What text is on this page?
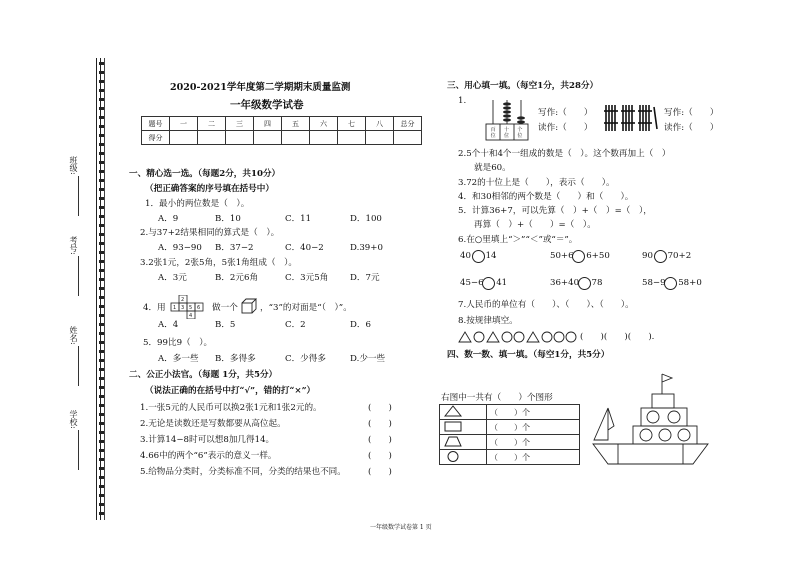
班级:
考号:
姓名:
学校:
2020-2021学年度第二学期期末质量监测
一年级数学试卷
题号	一	二	三	四	五	六	七	八	总分
得分									
一、精心选一选。（每题2分，共10分）
（把正确答案的序号填在括号中）
1．最小的两位数是（　）。
A．9	B．10	C．11	D．100
2.与37+2结果相同的算式是（　）。
A．93−90 B．37−2	C．40−2	D.39+0
3.2张1元，2张5角，5张1角组成（　）。
A．3元	B．2元6角	C．3元5角	D．7元
4．用 1 3 5 6
2
4
做一个	，“3”的对面是“（　）”。
A．4	B．5	C．2	D．6
5．99比9（　）。
A．多一些 B．多得多	C．少得多	D.少一些
二、公正小法官。（每题 1分，共5分）
（说法正确的在括号中打“√”，错的打“×”）
1.一张5元的人民币可以换2张1元和1张2元的。	(　　)
2.无论是读数还是写数都要从高位起。	(　　)
3.计算14−8时可以想8加几得14。	(　　)
4.66中的两个“6”表示的意义一样。	(　　)
5.给物品分类时，分类标准不同，分类的结果也不同。	(　　)
三、用心填一填。（每空1分，共28分）
1.
百位
十位
个位
写作:（　　）
读作:（　　）
写作:（　　）
读作:（　　）
2.5个十和4个一组成的数是（　）。这个数再加上（　）
就是60。
3.72的十位上是（　　），表示（　　）。
4．和30相邻的两个数是（　　）和（　　）。
5．计算36+7，可以先算（　）+（　）=（　），
再算（　）+（　　）=（　）。
6.在○里填上“＞”“＜”或“＝”。
40 14	50+6 6+50	90 70+2
45−6 41	36+40 78	58−9 58+0
7.人民币的单位有（　　）、（　　）、（　　）。
8.按规律填空。
(　　)(　　)(　　).
四、数一数、填一填。（每空1分，共5分）
右图中一共有（　　）个图形
	（　　）个
	（　　）个
	（　　）个
	（　　）个
一年级数学试卷第 1 页
